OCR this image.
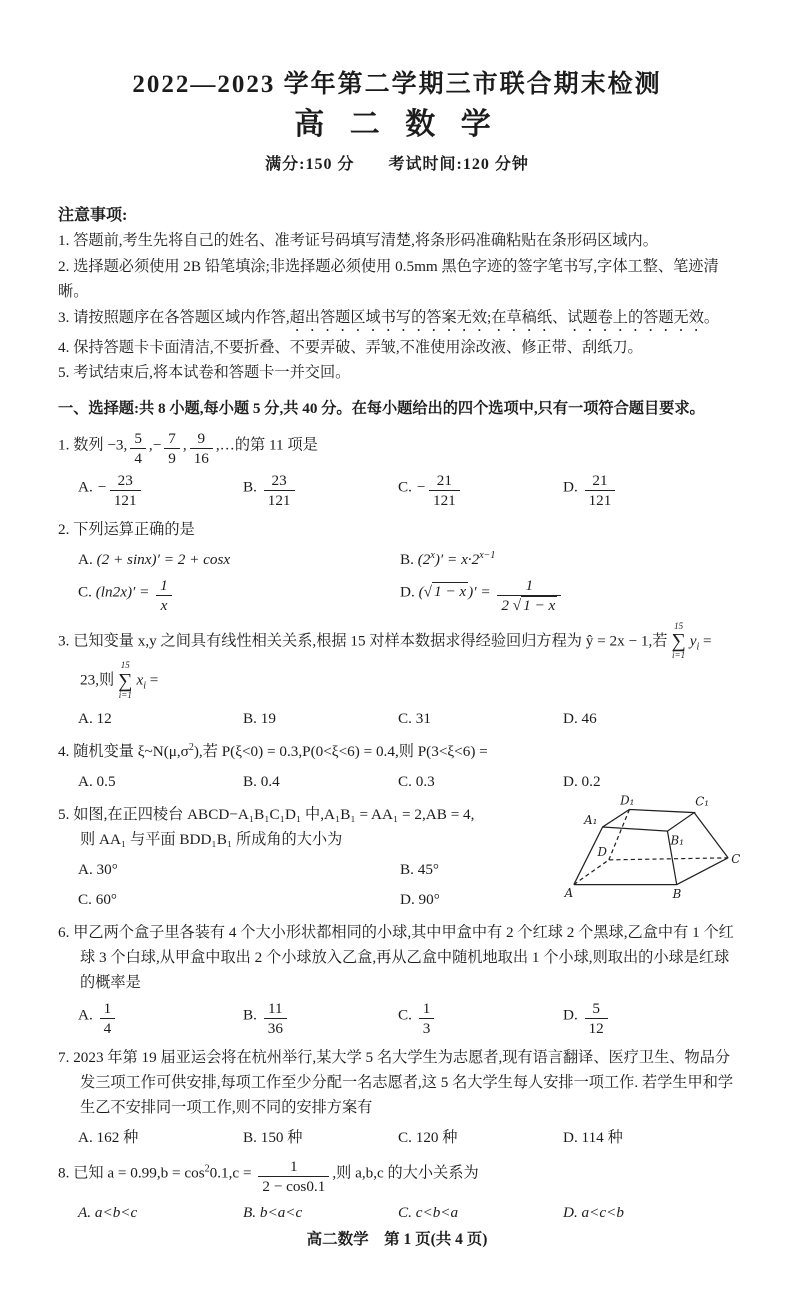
2022—2023 学年第二学期三市联合期末检测
高 二 数 学
满分:150 分　　考试时间:120 分钟
注意事项:
1. 答题前,考生先将自己的姓名、准考证号码填写清楚,将条形码准确粘贴在条形码区域内。
2. 选择题必须使用 2B 铅笔填涂;非选择题必须使用 0.5mm 黑色字迹的签字笔书写,字体工整、笔迹清晰。
3. 请按照题序在各答题区域内作答,超出答题区域书写的答案无效;在草稿纸、试题卷上的答题无效。
4. 保持答题卡卡面清洁,不要折叠、不要弄破、弄皱,不准使用涂改液、修正带、刮纸刀。
5. 考试结束后,将本试卷和答题卡一并交回。
一、选择题:共 8 小题,每小题 5 分,共 40 分。在每小题给出的四个选项中,只有一项符合题目要求。
1. 数列 −3, $\frac{5}{4}$ ,− $\frac{7}{9}$ , $\frac{9}{16}$ ,…的第 11 项是
A. − $\frac{23}{121}$	B. $\frac{23}{121}$	C. − $\frac{21}{121}$	D. $\frac{21}{121}$
2. 下列运算正确的是
A. (2 + sinx)′ = 2 + cosx	B. $(2^x)' = x\cdot 2^{x-1}$
C. $(\ln 2x)' = \frac{1}{x}$	D. (√ 1 − x )′ = $\frac{1}{2 √ 1 - x}$
3. 已知变量 x,y 之间具有线性相关关系,根据 15 对样本数据求得经验回归方程为 ŷ = 2x − 1,若
15
∑
i=1
$y_i$ =
23,则
15
∑
i=1
$x_i$ =
A. 12	B. 19	C. 31	D. 46
4. 随机变量 $\xi\sim N(\mu,\sigma^2)$,若 P(ξ<0) = 0.3,P(0<ξ<6) = 0.4,则 P(3<ξ<6) =
A. 0.5	B. 0.4	C. 0.3	D. 0.2
5. 如图,在正四棱台 ABCD−A₁B₁C₁D₁ 中,A₁B₁ = AA₁ = 2,AB = 4,
则 AA₁ 与平面 BDD₁B₁ 所成角的大小为
A. 30°	B. 45°
C. 60°	D. 90°	A	B
C
D
A₁
B₁
C₁
D₁
6. 甲乙两个盒子里各装有 4 个大小形状都相同的小球,其中甲盒中有 2 个红球 2 个黑球,乙盒中有 1 个红球 3 个白球,从甲盒中取出 2 个小球放入乙盒,再从乙盒中随机地取出 1 个小球,则取出的小球是红球的概率是
A. $\frac{1}{4}$	B. $\frac{11}{36}$	C. $\frac{1}{3}$	D. $\frac{5}{12}$
7. 2023 年第 19 届亚运会将在杭州举行,某大学 5 名大学生为志愿者,现有语言翻译、医疗卫生、物品分发三项工作可供安排,每项工作至少分配一名志愿者,这 5 名大学生每人安排一项工作. 若学生甲和学生乙不安排同一项工作,则不同的安排方案有
A. 162 种	B. 150 种	C. 120 种	D. 114 种
8. 已知 $a = 0.99,b = \cos^20.1,c = \frac{1}{2 - \cos 0.1}$ ,则 a,b,c 的大小关系为
A. a<b<c	B. b<a<c	C. c<b<a	D. a<c<b
高二数学　第 1 页(共 4 页)
